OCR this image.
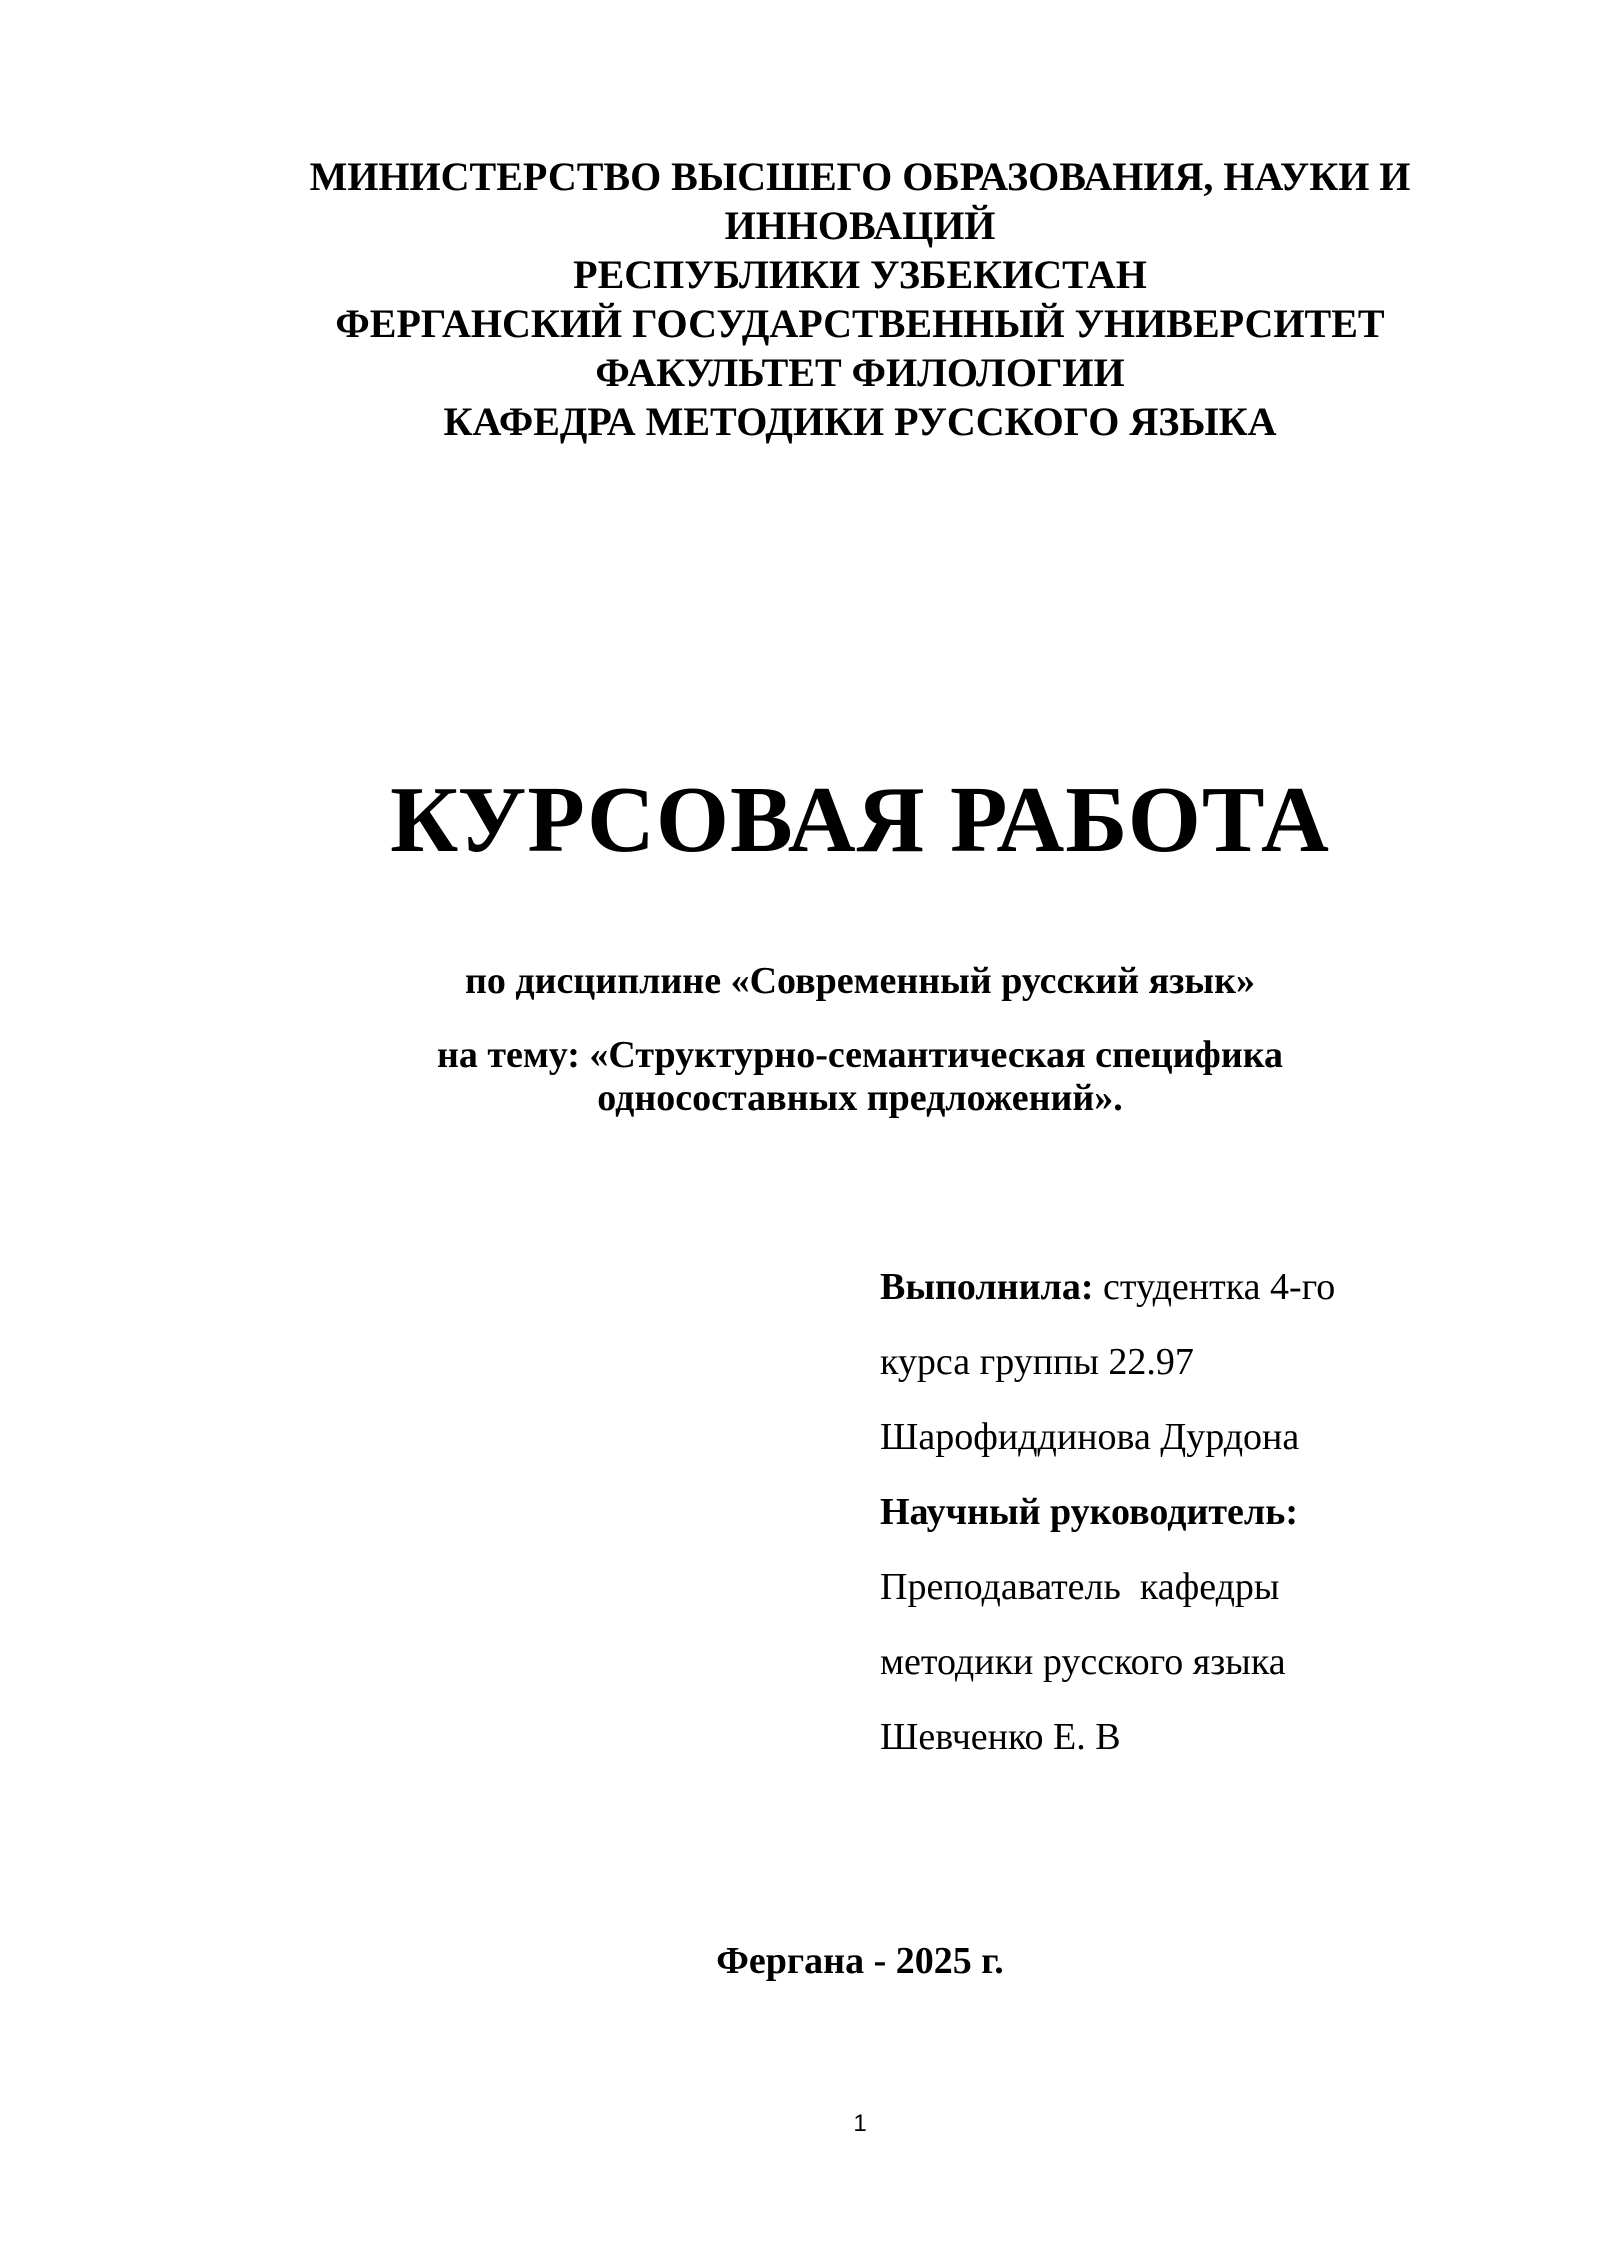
МИНИСТЕРСТВО ВЫСШЕГО ОБРАЗОВАНИЯ, НАУКИ И
ИННОВАЦИЙ
РЕСПУБЛИКИ УЗБЕКИСТАН
ФЕРГАНСКИЙ ГОСУДАРСТВЕННЫЙ УНИВЕРСИТЕТ
ФАКУЛЬТЕТ ФИЛОЛОГИИ
КАФЕДРА МЕТОДИКИ РУССКОГО ЯЗЫКА
КУРСОВАЯ РАБОТА
по дисциплине «Современный русский язык»
на тему: «Структурно-семантическая специфика
односоставных предложений».
Выполнила: студентка 4-го
курса группы 22.97
Шарофиддинова Дурдона
Научный руководитель:
Преподаватель  кафедры
методики русского языка
Шевченко Е. В
Фергана - 2025 г.
1
